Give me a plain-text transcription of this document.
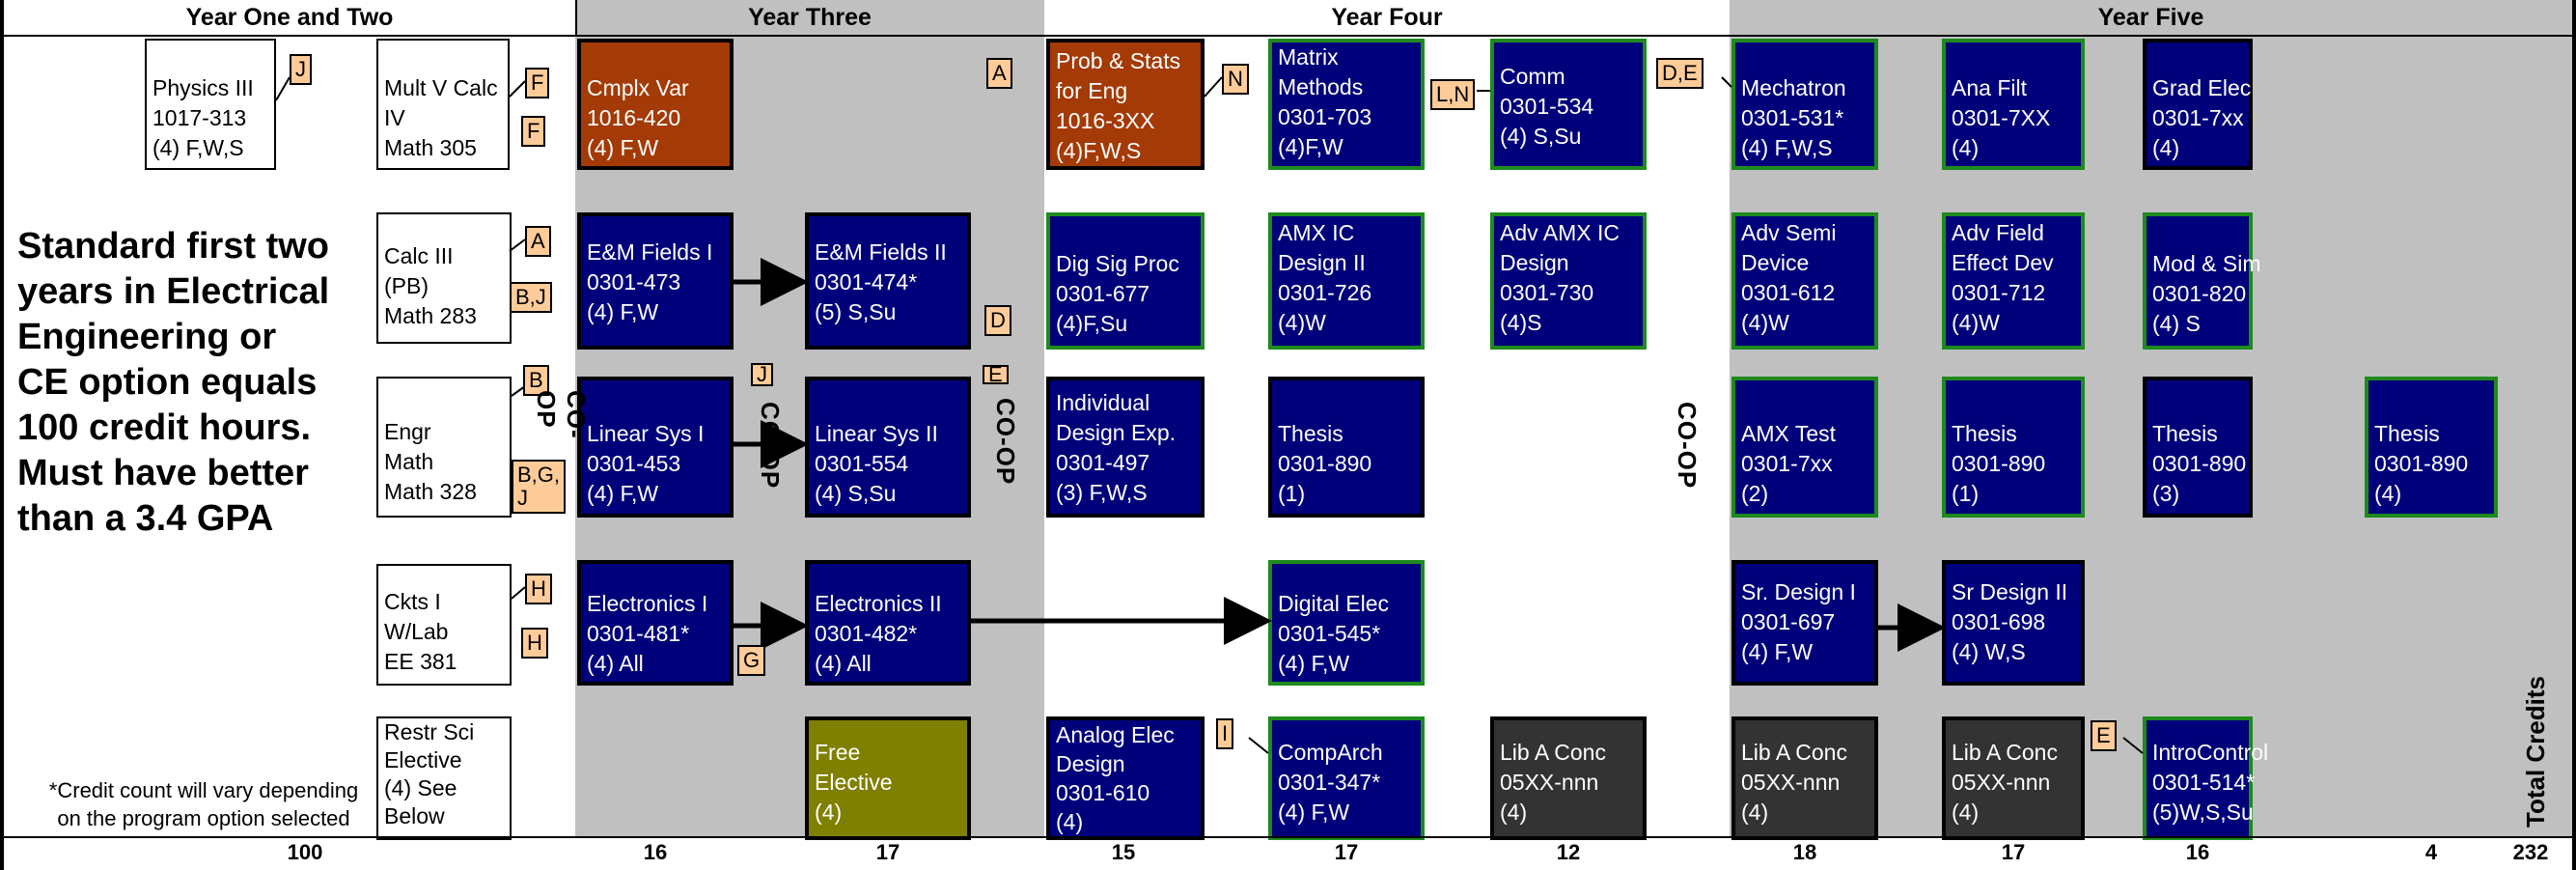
Year One and Two	Year Three	Year Four	Year Five
Standard first two
years in Electrical
Engineering or
CE option equals
100 credit hours.
Must have better
than a 3.4 GPA
*Credit count will vary depending
on the program option selected
Physics III
1017-313
(4) F,W,S
Mult V Calc
IV
Math 305
Calc III
(PB)
Math 283
Engr
Math
Math 328
Ckts I
W/Lab
EE 381
Restr Sci
Elective
(4) See
Below
Cmplx Var
1016-420
(4) F,W
E&M Fields I
0301-473
(4) F,W
E&M Fields II
0301-474*
(5) S,Su
Linear Sys I
0301-453
(4) F,W
Linear Sys II
0301-554
(4) S,Su
Electronics I
0301-481*
(4) All
Electronics II
0301-482*
(4) All
Free
Elective
(4)
Prob & Stats
for Eng
1016-3XX
(4)F,W,S
Dig Sig Proc
0301-677
(4)F,Su
Individual
Design Exp.
0301-497
(3) F,W,S
Analog Elec
Design
0301-610
(4)
Matrix
Methods
0301-703
(4)F,W
AMX IC
Design II
0301-726
(4)W
Thesis
0301-890
(1)
Digital Elec
0301-545*
(4) F,W
CompArch
0301-347*
(4) F,W
Comm
0301-534
(4) S,Su
Adv AMX IC
Design
0301-730
(4)S
Lib A Conc
05XX-nnn
(4)
Mechatron
0301-531*
(4) F,W,S
Adv Semi
Device
0301-612
(4)W
AMX Test
0301-7xx
(2)
Sr. Design I
0301-697
(4) F,W
Lib A Conc
05XX-nnn
(4)
Ana Filt
0301-7XX
(4)
Adv Field
Effect Dev
0301-712
(4)W
Thesis
0301-890
(1)
Sr Design II
0301-698
(4) W,S
Lib A Conc
05XX-nnn
(4)
Grad Elec
0301-7xx
(4)
Mod & Sim
0301-820
(4) S
Thesis
0301-890
(3)
IntroControl
0301-514*
(5)W,S,Su
Thesis
0301-890
(4)
J
F
F
A
B,J
B
B,G,
J
H
H
G
D
J	E
A	N
L,N
D,E
I	E
CO-OP	CO-OP	CO-OP	CO-OP
Total Credits
100	16	17	15	17	12	18	17	16	4	232
